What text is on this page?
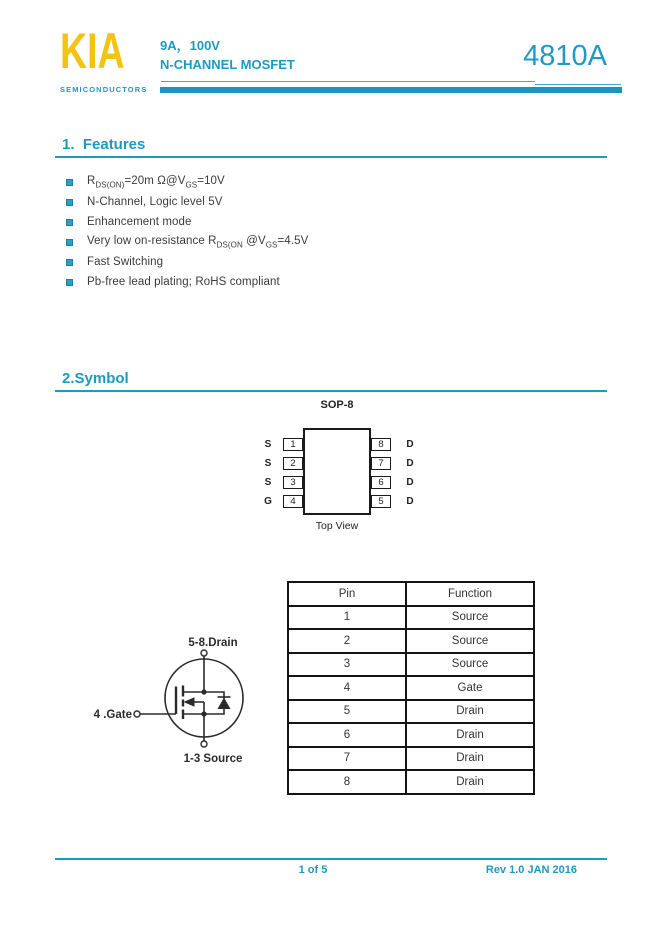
KIA
SEMICONDUCTORS
9A，100V
N-CHANNEL MOSFET	4810A
1.  Features
$R_{DS(ON)}=20m$ $\Omega@V_{GS}=10V$
N-Channel, Logic level 5V
Enhancement mode
Very low on-resistance $R_{DS(ON}$ $@V_{GS}=4.5V$
Fast Switching
Pb-free lead plating; RoHS compliant
2.Symbol
SOP-8
S	1
S	2
S	3
G	4
8	D
7	D
6	D
5	D
Top View
5-8.Drain
4 .Gate
1-3 Source
Pin	Function
1	Source
2	Source
3	Source
4	Gate
5	Drain
6	Drain
7	Drain
8	Drain
1 of 5	Rev 1.0 JAN 2016
